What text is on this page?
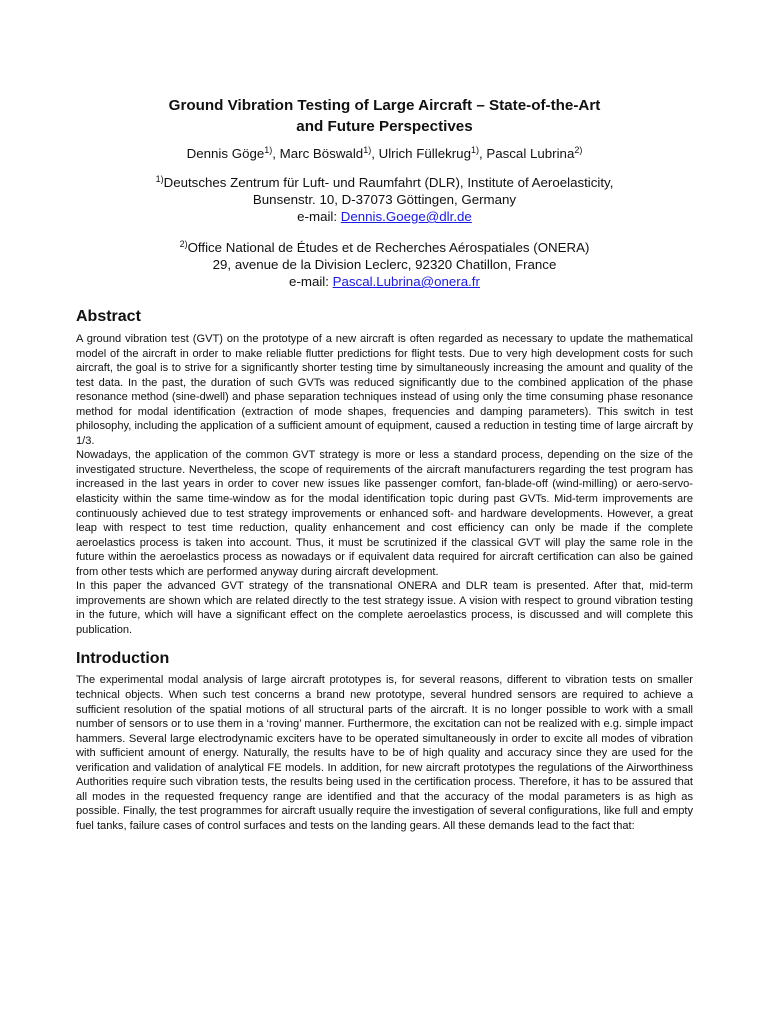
Ground Vibration Testing of Large Aircraft – State-of-the-Art
and Future Perspectives
Dennis Göge$^{1)}$, Marc Böswald$^{1)}$, Ulrich Füllekrug$^{1)}$, Pascal Lubrina$^{2)}$
$^{1)}$Deutsches Zentrum für Luft- und Raumfahrt (DLR), Institute of Aeroelasticity,
Bunsenstr. 10, D-37073 Göttingen, Germany
e-mail: Dennis.Goege@dlr.de
$^{2)}$Office National de Études et de Recherches Aérospatiales (ONERA)
29, avenue de la Division Leclerc, 92320 Chatillon, France
e-mail: Pascal.Lubrina@onera.fr
Abstract

A ground vibration test (GVT) on the prototype of a new aircraft is often regarded as necessary to update the mathematical model of the aircraft in order to make reliable flutter predictions for flight tests. Due to very high development costs for such aircraft, the goal is to strive for a significantly shorter testing time by simultaneously increasing the amount and quality of the test data. In the past, the duration of such GVTs was reduced significantly due to the combined application of the phase resonance method (sine-dwell) and phase separation techniques instead of using only the time consuming phase resonance method for modal identification (extraction of mode shapes, frequencies and damping parameters). This switch in test philosophy, including the application of a sufficient amount of equipment, caused a reduction in testing time of large aircraft by 1/3.

Nowadays, the application of the common GVT strategy is more or less a standard process, depending on the size of the investigated structure. Nevertheless, the scope of requirements of the aircraft manufacturers regarding the test program has increased in the last years in order to cover new issues like passenger comfort, fan-blade-off (wind-milling) or aero-servo-elasticity within the same time-window as for the modal identification topic during past GVTs. Mid-term improvements are continuously achieved due to test strategy improvements or enhanced soft- and hardware developments. However, a great leap with respect to test time reduction, quality enhancement and cost efficiency can only be made if the complete aeroelastics process is taken into account. Thus, it must be scrutinized if the classical GVT will play the same role in the future within the aeroelastics process as nowadays or if equivalent data required for aircraft certification can also be gained from other tests which are performed anyway during aircraft development.

In this paper the advanced GVT strategy of the transnational ONERA and DLR team is presented. After that, mid-term improvements are shown which are related directly to the test strategy issue. A vision with respect to ground vibration testing in the future, which will have a significant effect on the complete aeroelastics process, is discussed and will complete this publication.

Introduction

The experimental modal analysis of large aircraft prototypes is, for several reasons, different to vibration tests on smaller technical objects. When such test concerns a brand new prototype, several hundred sensors are required to achieve a sufficient resolution of the spatial motions of all structural parts of the aircraft. It is no longer possible to work with a small number of sensors or to use them in a ‘roving’ manner. Furthermore, the excitation can not be realized with e.g. simple impact hammers. Several large electrodynamic exciters have to be operated simultaneously in order to excite all modes of vibration with sufficient amount of energy. Naturally, the results have to be of high quality and accuracy since they are used for the verification and validation of analytical FE models. In addition, for new aircraft prototypes the regulations of the Airworthiness Authorities require such vibration tests, the results being used in the certification process. Therefore, it has to be assured that all modes in the requested frequency range are identified and that the accuracy of the modal parameters is as high as possible. Finally, the test programmes for aircraft usually require the investigation of several configurations, like full and empty fuel tanks, failure cases of control surfaces and tests on the landing gears. All these demands lead to the fact that:
